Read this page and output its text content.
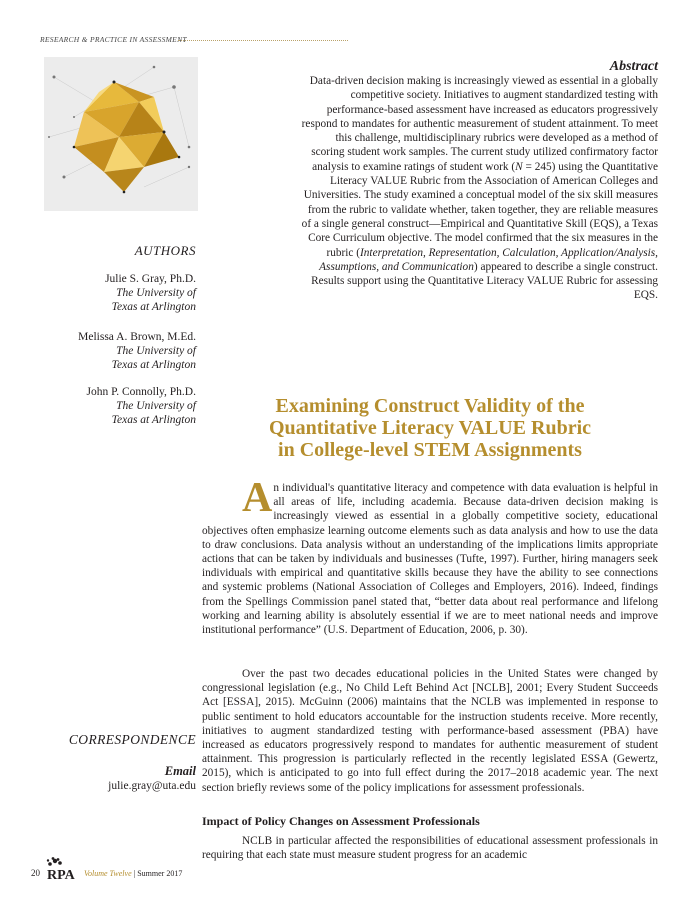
RESEARCH & PRACTICE IN ASSESSMENT
Abstract

Data-driven decision making is increasingly viewed as essential in a globally competitive society. Initiatives to augment standardized testing with performance-based assessment have increased as educators progressively respond to mandates for authentic measurement of student attainment. To meet this challenge, multidisciplinary rubrics were developed as a method of scoring student work samples. The current study utilized confirmatory factor analysis to examine ratings of student work (N = 245) using the Quantitative Literacy VALUE Rubric from the Association of American Colleges and Universities. The study examined a conceptual model of the six skill measures from the rubric to validate whether, taken together, they are reliable measures of a single general construct—Empirical and Quantitative Skill (EQS), a Texas Core Curriculum objective. The model confirmed that the six measures in the rubric (Interpretation, Representation, Calculation, Application/Analysis, Assumptions, and Communication) appeared to describe a single construct. Results support using the Quantitative Literacy VALUE Rubric for assessing EQS.

AUTHORS
Julie S. Gray, Ph.D.
The University of
Texas at Arlington
Melissa A. Brown, M.Ed.
The University of
Texas at Arlington
John P. Connolly, Ph.D.
The University of
Texas at Arlington
Examining Construct Validity of the
Quantitative Literacy VALUE Rubric
in College-level STEM Assignments

An individual's quantitative literacy and competence with data evaluation is helpful in all areas of life, including academia. Because data-driven decision making is increasingly viewed as essential in a globally competitive society, educational objectives often emphasize learning outcome elements such as data analysis and how to use the data to draw conclusions. Data analysis without an understanding of the implications limits appropriate actions that can be taken by individuals and businesses (Tufte, 1997). Further, hiring managers seek individuals with empirical and quantitative skills because they have the ability to see connections and systemic problems (National Association of Colleges and Employers, 2016). Indeed, findings from the Spellings Commission panel stated that, “better data about real performance and lifelong working and learning ability is absolutely essential if we are to meet national needs and improve institutional performance” (U.S. Department of Education, 2006, p. 30).

Over the past two decades educational policies in the United States were changed by congressional legislation (e.g., No Child Left Behind Act [NCLB], 2001; Every Student Succeeds Act [ESSA], 2015). McGuinn (2006) maintains that the NCLB was implemented in response to public sentiment to hold educators accountable for the instruction students receive. More recently, initiatives to augment standardized testing with performance-based assessment (PBA) have increased as educators progressively respond to mandates for authentic measurement of student attainment. This progression is particularly reflected in the recently legislated ESSA (Gewertz, 2015), which is anticipated to go into full effect during the 2017–2018 academic year. The next section briefly reviews some of the policy implications for assessment professionals.

Impact of Policy Changes on Assessment Professionals

NCLB in particular affected the responsibilities of educational assessment professionals in requiring that each state must measure student progress for an academic

CORRESPONDENCE
Email
julie.gray@uta.edu
20 RPA Volume Twelve | Summer 2017
